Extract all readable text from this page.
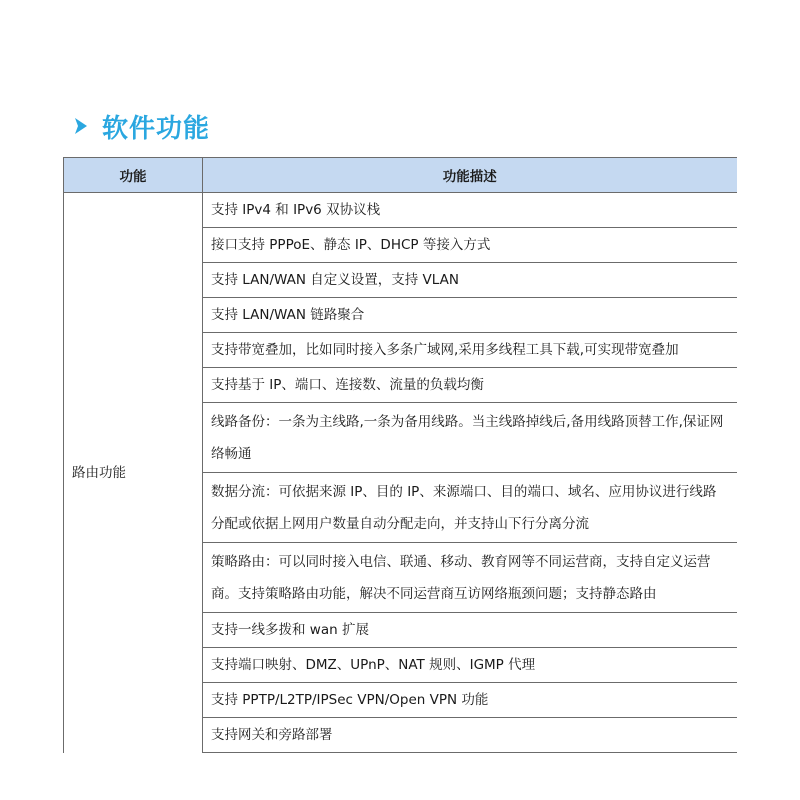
软件功能
功能	功能描述
路由功能	支持 IPv4 和 IPv6 双协议栈
	接口支持 PPPoE、静态 IP、DHCP 等接入方式
	支持 LAN/WAN 自定义设置，支持 VLAN
	支持 LAN/WAN 链路聚合
	支持带宽叠加，比如同时接入多条广域网,采用多线程工具下载,可实现带宽叠加
	支持基于 IP、端口、连接数、流量的负载均衡
	线路备份：一条为主线路,一条为备用线路。当主线路掉线后,备用线路顶替工作,保证网络畅通
	数据分流：可依据来源 IP、目的 IP、来源端口、目的端口、域名、应用协议进行线路分配或依据上网用户数量自动分配走向，并支持山下行分离分流
	策略路由：可以同时接入电信、联通、移动、教育网等不同运营商，支持自定义运营商。支持策略路由功能，解决不同运营商互访网络瓶颈问题；支持静态路由
	支持一线多拨和 wan 扩展
	支持端口映射、DMZ、UPnP、NAT 规则、IGMP 代理
	支持 PPTP/L2TP/IPSec VPN/Open VPN 功能
	支持网关和旁路部署
